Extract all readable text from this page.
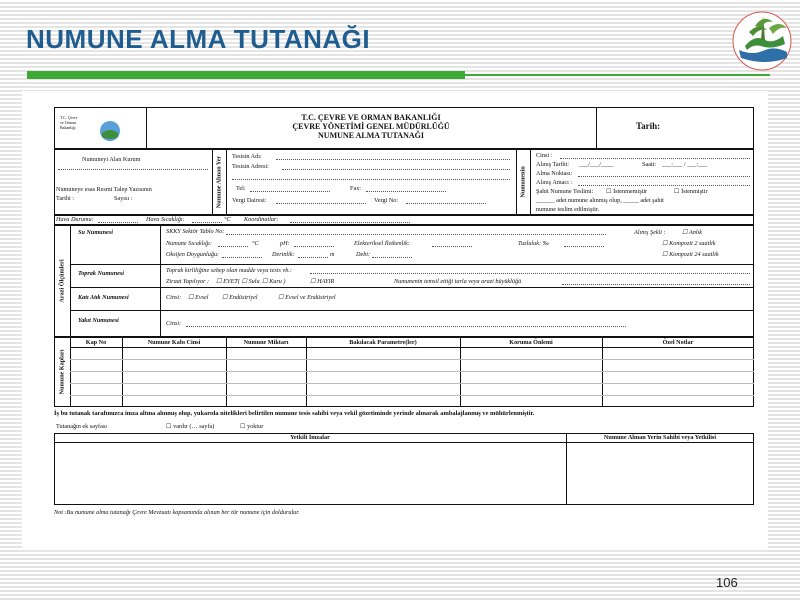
NUMUNE ALMA TUTANAĞI
T.C. Çevre ve Orman Bakanlığı
T.C. ÇEVRE VE ORMAN BAKANLIĞI
ÇEVRE YÖNETİMİ GENEL MÜDÜRLÜĞÜ
NUMUNE ALMA TUTANAĞI
Tarih:
Numuneyi Alan Kurum
Numuneye esas Resmi Talep Yazısının
Tarihi :	Sayısı :	Numune Alınan Yer Tesisin Adı:
Tesisin Adresi:
Tel:	Fax:
Vergi Dairesi:	Vergi No:
Numunenin
Cinsi :
Alınış Tarihi: ___/___/____	Saati: ___:___ / ___:___
Alma Noktası:
Alınış Amacı :
Şahit Numune Teslimi: ☐ İstenmemiştir	☐ İstenmiştir
______ adet numune alınmış olup, _____ adet şahit
numune teslim edilmiştir.
Hava Durumu:	Hava Sıcaklığı:	°C Koordinatlar:
Arazi Ölçümleri
Su Numunesi	SKKY Sektör Tablo No:	Alınış Şekli :	☐ Anlık
Numune Sıcaklığı:	°C	pH:	Elekteriksel İletkenlik:	Tuzluluk: ‰	☐ Kompozit 2 saatlik
Oksijen Doygunluğu:	Derinlik:	m	Debi:	☐ Kompozit 24 saatlik
Toprak Numunesi	Toprak kirliliğine sebep olan madde veya tesis vb.:
Ziraat Yapılıyor : ☐ EVET( ☐ Sulu ☐ Kuru )	☐ HAYIR	Numunenin temsil ettiği tarla veya arazi büyüklüğü
Katı Atık Numunesi	Cinsi: ☐ Evsel ☐ Endüstriyel	☐ Evsel ve Endüstriyel
Yakıt Numunesi	Cinsi:
Numune Kapları
Kap No	Numune Kabı Cinsi	Numune Miktarı	Bakılacak Parametre(ler)	Koruma Önlemi	Özel Notlar
İş bu tutanak tarafımızca imza altına alınmış olup, yukarıda nitelikleri belirtilen numune tesis sahibi veya vekil gözetiminde yerinde alınarak ambalajlanmış ve mühürlenmiştir.
Tutanağın ek sayfası	☐ vardır (… sayfa)	☐ yoktur
Yetkili İmzalar	Numune Alınan Yerin Sahibi veya Yetkilisi
Not :Bu numune alma tutanağı Çevre Mevzuatı kapsamında alınan her tür numune için doldurulur.
106
